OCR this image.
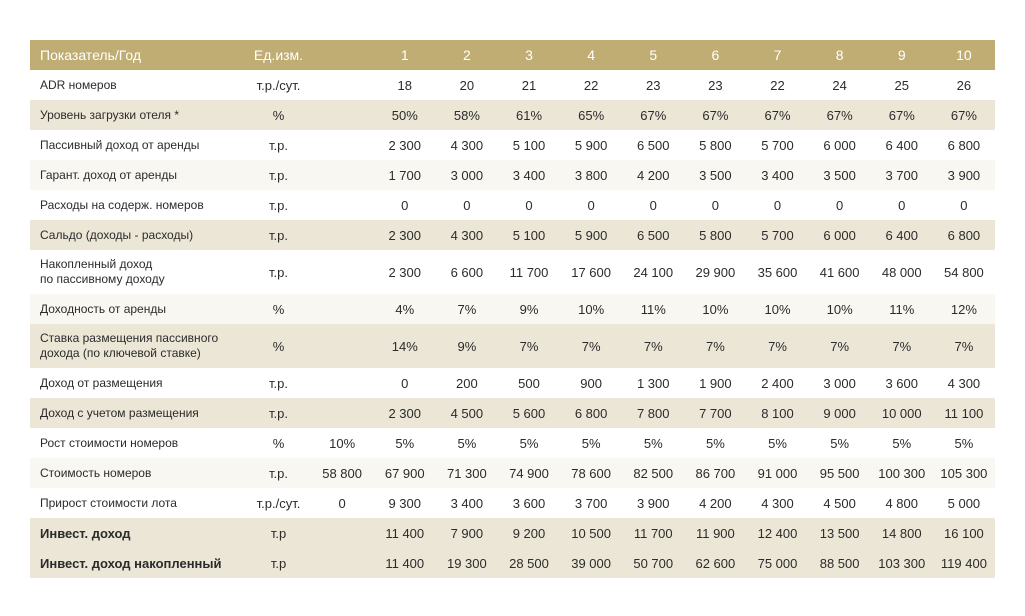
Показатель/Год	Ед.изм.		1	2	3	4	5	6	7	8	9	10

ADR номеров	т.р./сут.		18	20	21	22	23	23	22	24	25	26

Уровень загрузки отеля *	%		50%	58%	61%	65%	67%	67%	67%	67%	67%	67%

Пассивный доход от аренды	т.р.		2 300	4 300	5 100	5 900	6 500	5 800	5 700	6 000	6 400	6 800

Гарант. доход от аренды	т.р.		1 700	3 000	3 400	3 800	4 200	3 500	3 400	3 500	3 700	3 900

Расходы на содерж. номеров	т.р.		0	0	0	0	0	0	0	0	0	0

Сальдо (доходы - расходы)	т.р.		2 300	4 300	5 100	5 900	6 500	5 800	5 700	6 000	6 400	6 800

Накопленный доход
по пассивному доходу	т.р.		2 300	6 600	11 700	17 600	24 100	29 900	35 600	41 600	48 000	54 800

Доходность от аренды	%		4%	7%	9%	10%	11%	10%	10%	10%	11%	12%

Ставка размещения пассивного
дохода (по ключевой ставке)	%		14%	9%	7%	7%	7%	7%	7%	7%	7%	7%

Доход от размещения	т.р.		0	200	500	900	1 300	1 900	2 400	3 000	3 600	4 300

Доход с учетом размещения	т.р.		2 300	4 500	5 600	6 800	7 800	7 700	8 100	9 000	10 000	11 100

Рост стоимости номеров	%	10%	5%	5%	5%	5%	5%	5%	5%	5%	5%	5%

Стоимость номеров	т.р.	58 800	67 900	71 300	74 900	78 600	82 500	86 700	91 000	95 500	100 300	105 300

Прирост стоимости лота	т.р./сут.	0	9 300	3 400	3 600	3 700	3 900	4 200	4 300	4 500	4 800	5 000

Инвест. доход	т.р		11 400	7 900	9 200	10 500	11 700	11 900	12 400	13 500	14 800	16 100

Инвест. доход накопленный	т.р		11 400	19 300	28 500	39 000	50 700	62 600	75 000	88 500	103 300	119 400
